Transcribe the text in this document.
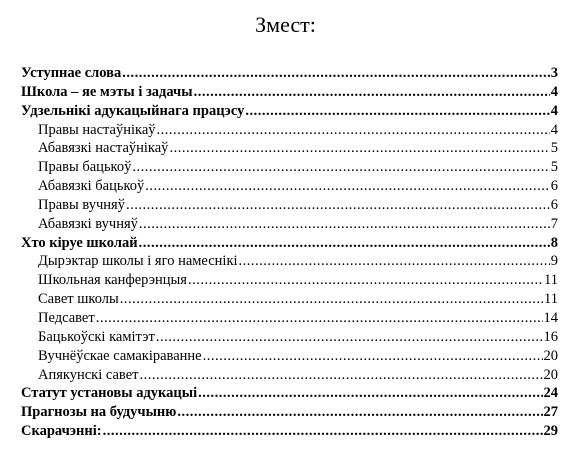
Змест:
Уступнае слова .....	3
Школа – яе мэты і задачы .....	4
Удзельнікі адукацыйнага працэсу .....	4
Правы настаўнікаў .....	4
Абавязкі настаўнікаў .....	5
Правы бацькоў .....	5
Абавязкі бацькоў .....	6
Правы вучняў .....	6
Абавязкі вучняў .....	7
Хто кіруе школай .....	8
Дырэктар школы і яго намеснікі .....	9
Школьная канферэнцыя .....	11
Савет школы .....	11
Педсавет .....	14
Бацькоўскі камітэт .....	16
Вучнёўскае самакіраванне .....	20
Апякунскі савет .....	20
Статут установы адукацыі .....	24
Прагнозы на будучыню .....	27
Скарачэнні: .....	29
